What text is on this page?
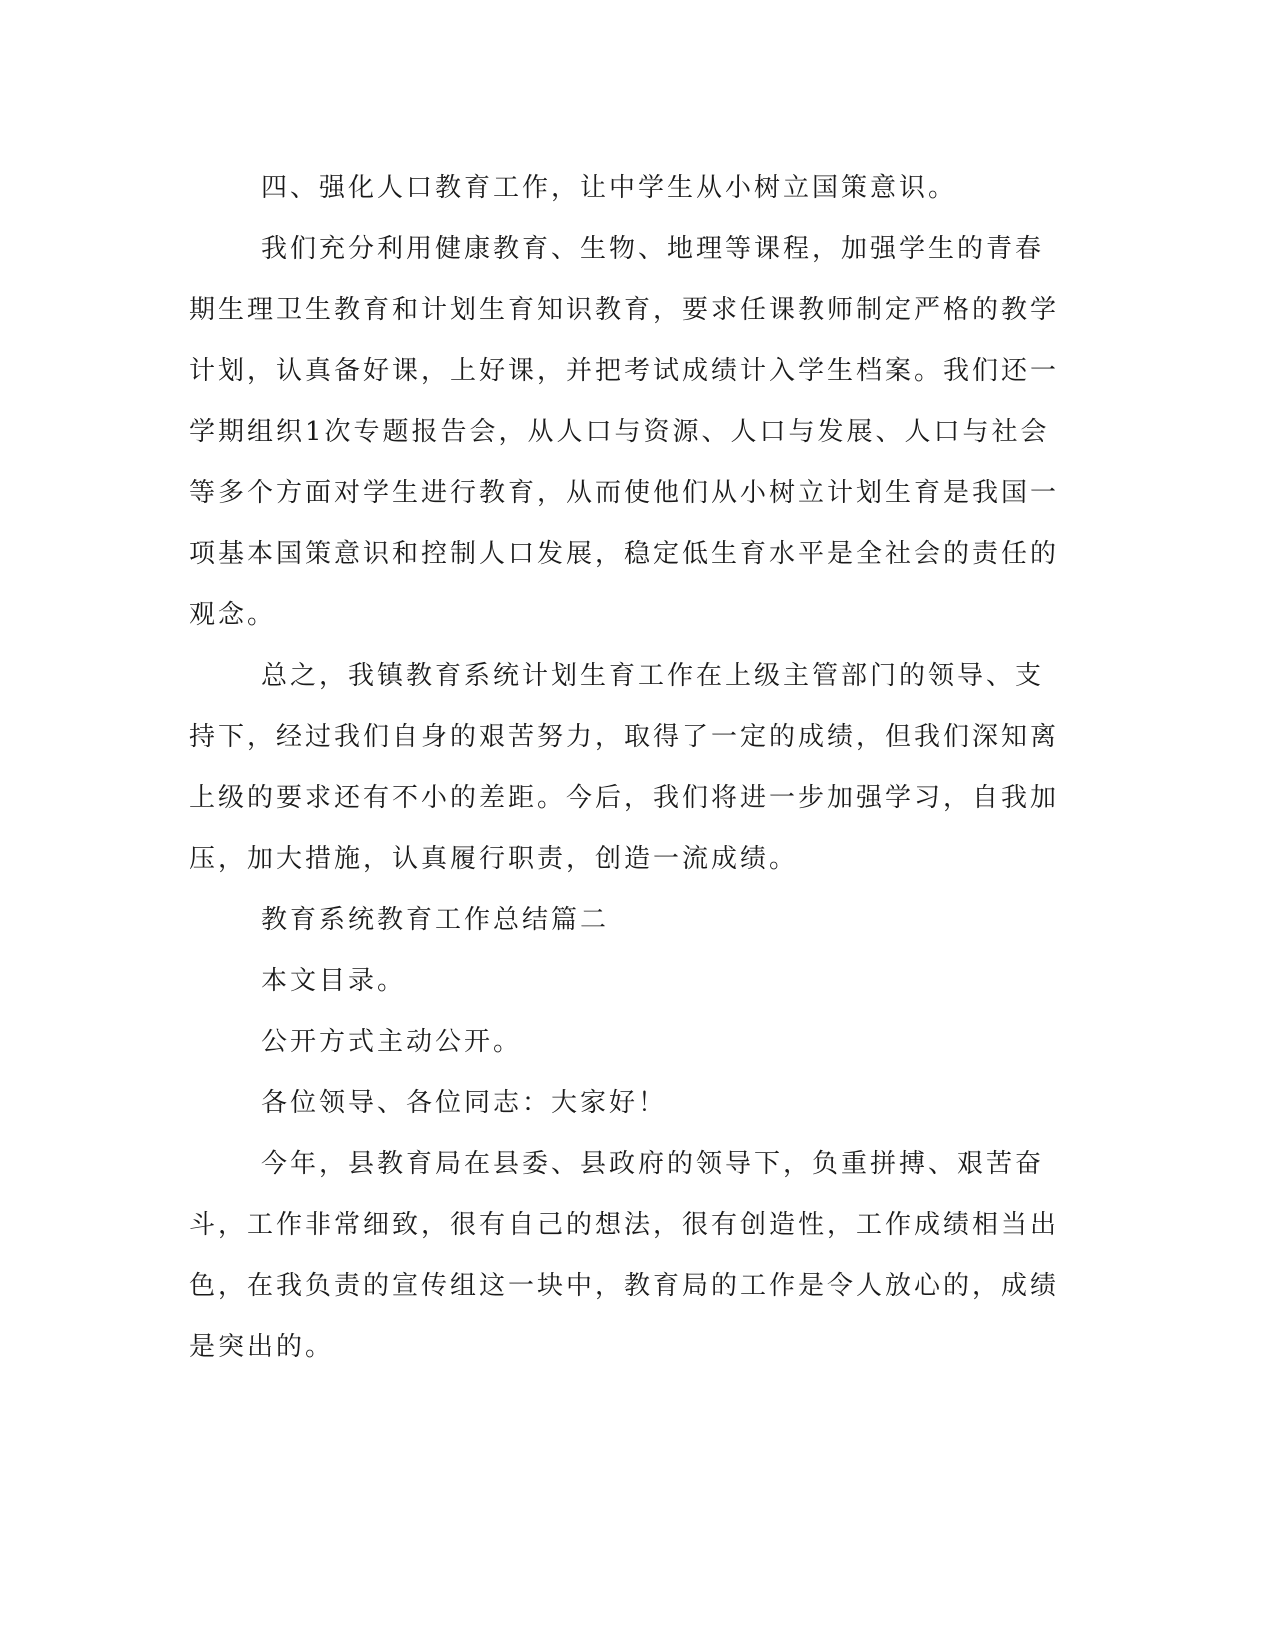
四、强化人口教育工作，让中学生从小树立国策意识。

我们充分利用健康教育、生物、地理等课程，加强学生的青春期生理卫生教育和计划生育知识教育，要求任课教师制定严格的教学计划，认真备好课，上好课，并把考试成绩计入学生档案。我们还一学期组织1次专题报告会，从人口与资源、人口与发展、人口与社会等多个方面对学生进行教育，从而使他们从小树立计划生育是我国一项基本国策意识和控制人口发展，稳定低生育水平是全社会的责任的观念。

总之，我镇教育系统计划生育工作在上级主管部门的领导、支持下，经过我们自身的艰苦努力，取得了一定的成绩，但我们深知离上级的要求还有不小的差距。今后，我们将进一步加强学习，自我加压，加大措施，认真履行职责，创造一流成绩。

教育系统教育工作总结篇二

本文目录。

公开方式主动公开。

各位领导、各位同志：大家好！

今年，县教育局在县委、县政府的领导下，负重拼搏、艰苦奋斗，工作非常细致，很有自己的想法，很有创造性，工作成绩相当出色，在我负责的宣传组这一块中，教育局的工作是令人放心的，成绩是突出的。
